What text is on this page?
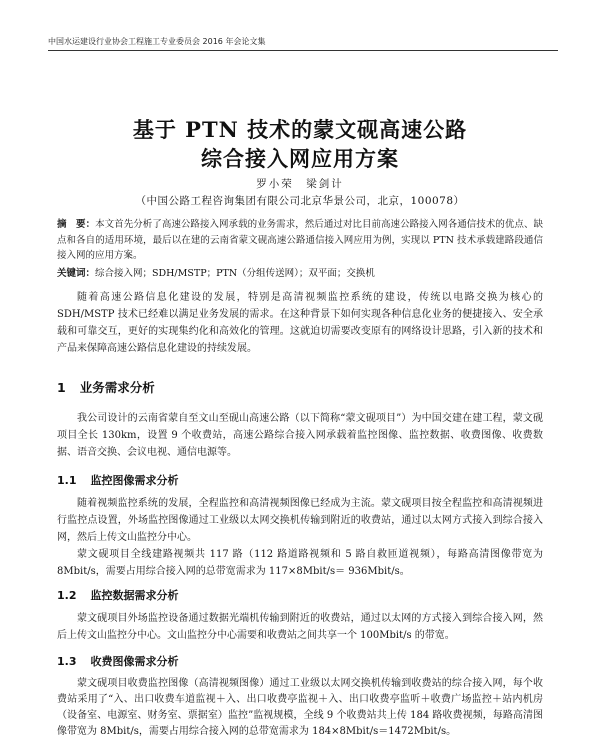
中国水运建设行业协会工程施工专业委员会 2016 年会论文集
基于 PTN 技术的蒙文砚高速公路
综合接入网应用方案
罗小荣　梁剑计
（中国公路工程咨询集团有限公司北京华景公司，北京，100078）
摘　要：本文首先分析了高速公路接入网承载的业务需求，然后通过对比目前高速公路接入网各通信技术的优点、缺点和各自的适用环境，最后以在建的云南省蒙文砚高速公路通信接入网应用为例，实现以 PTN 技术承载建路段通信接入网的应用方案。
关键词：综合接入网；SDH/MSTP；PTN（分组传送网）；双平面；交换机
随着高速公路信息化建设的发展，特别是高清视频监控系统的建设，传统以电路交换为核心的 SDH/MSTP 技术已经难以满足业务发展的需求。在这种背景下如何实现各种信息化业务的便捷接入、安全承载和可靠交互，更好的实现集约化和高效化的管理。这就迫切需要改变原有的网络设计思路，引入新的技术和产品来保障高速公路信息化建设的持续发展。
1 业务需求分析
我公司设计的云南省蒙自至文山至砚山高速公路（以下简称“蒙文砚项目”）为中国交建在建工程，蒙文砚项目全长 130km，设置 9 个收费站，高速公路综合接入网承载着监控图像、监控数据、收费图像、收费数据、语音交换、会议电视、通信电源等。
1.1 监控图像需求分析
随着视频监控系统的发展，全程监控和高清视频图像已经成为主流。蒙文砚项目按全程监控和高清视频进行监控点设置，外场监控图像通过工业级以太网交换机传输到附近的收费站，通过以太网方式接入到综合接入网，然后上传文山监控分中心。
蒙文砚项目全线建路视频共 117 路（112 路道路视频和 5 路自救匝道视频），每路高清图像带宽为 8Mbit/s，需要占用综合接入网的总带宽需求为 117×8Mbit/s＝ 936Mbit/s。
1.2 监控数据需求分析
蒙文砚项目外场监控设备通过数据光端机传输到附近的收费站，通过以太网的方式接入到综合接入网，然后上传文山监控分中心。文山监控分中心需要和收费站之间共享一个 100Mbit/s 的带宽。
1.3 收费图像需求分析
蒙文砚项目收费监控图像（高清视频图像）通过工业级以太网交换机传输到收费站的综合接入网，每个收费站采用了“入、出口收费车道监视＋入、出口收费亭监视＋入、出口收费亭监听＋收费广场监控＋站内机房（设备室、电源室、财务室、票据室）监控”监视规模，全线 9 个收费站共上传 184 路收费视频，每路高清图像带宽为 8Mbit/s，需要占用综合接入网的总带宽需求为 184×8Mbit/s＝1472Mbit/s。
